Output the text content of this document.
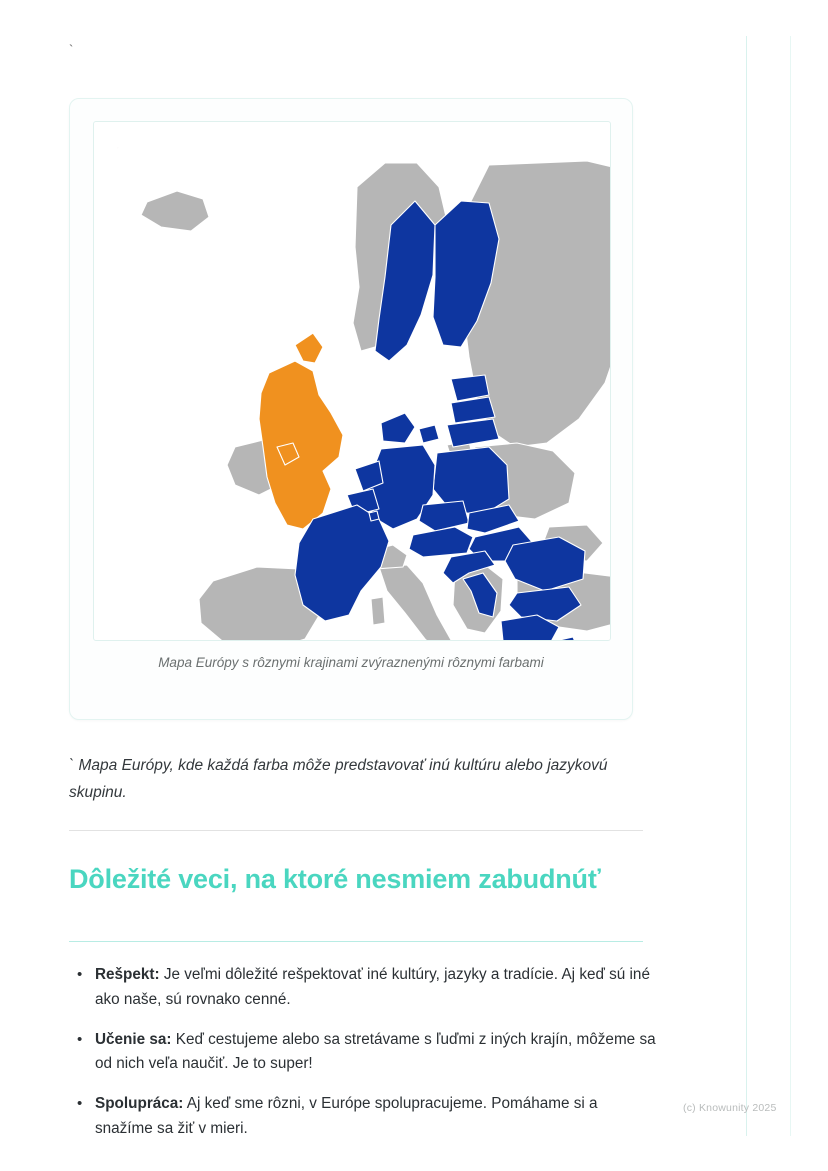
`
Mapa Európy s rôznymi krajinami zvýraznenými rôznymi farbami
` Mapa Európy, kde každá farba môže predstavovať inú kultúru alebo jazykovú skupinu.
Dôležité veci, na ktoré nesmiem zabudnúť
• Rešpekt: Je veľmi dôležité rešpektovať iné kultúry, jazyky a tradície. Aj keď sú iné ako naše, sú rovnako cenné.
• Učenie sa: Keď cestujeme alebo sa stretávame s ľuďmi z iných krajín, môžeme sa od nich veľa naučiť. Je to super!
• Spolupráca: Aj keď sme rôzni, v Európe spolupracujeme. Pomáhame si a snažíme sa žiť v mieri.
(c) Knowunity 2025
